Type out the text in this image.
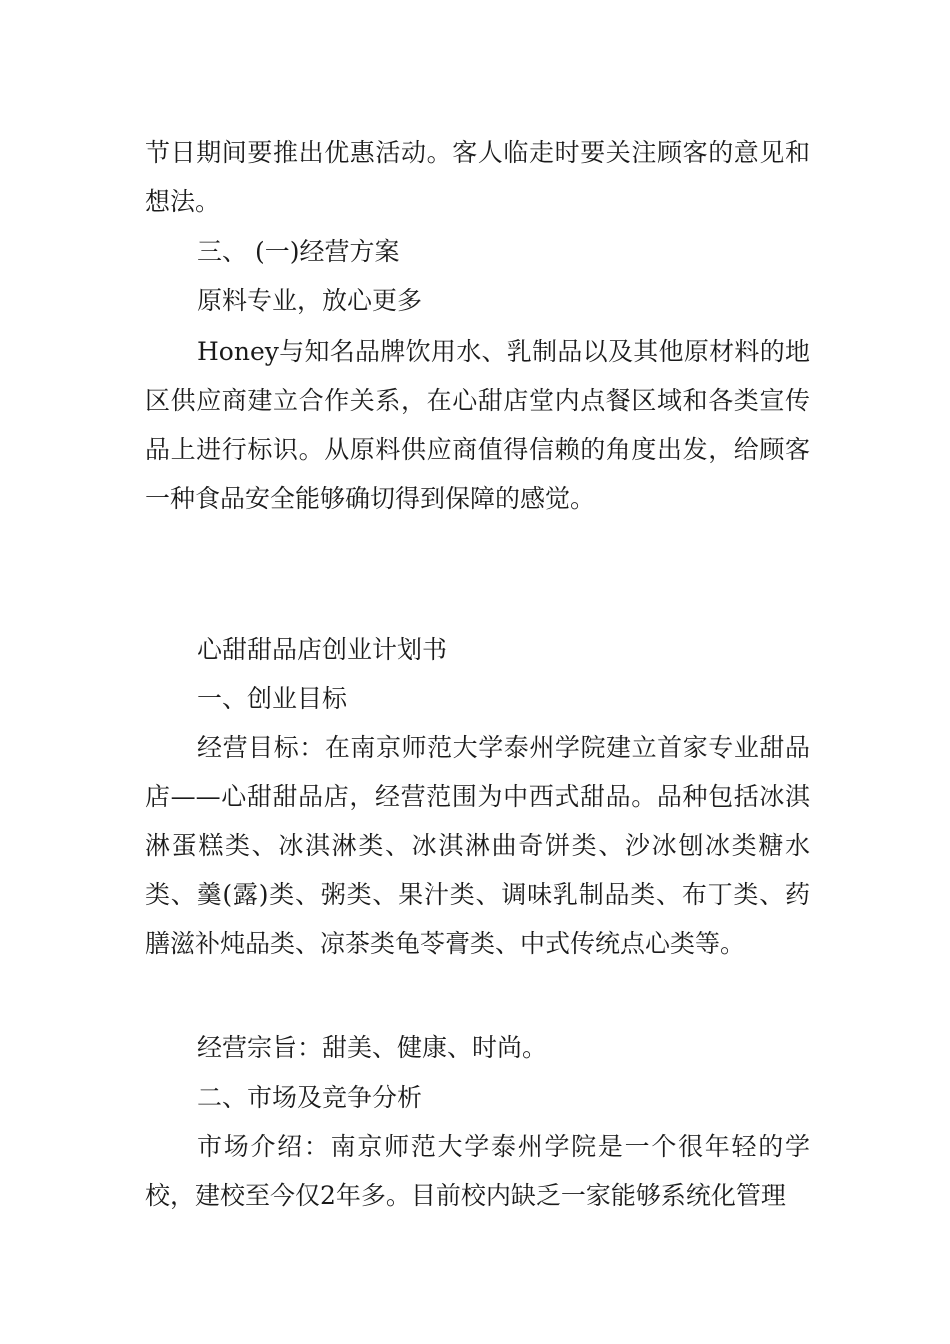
节日期间要推出优惠活动。客人临走时要关注顾客的意见和想法。

三、 (一)经营方案

原料专业，放心更多

Honey与知名品牌饮用水、乳制品以及其他原材料的地区供应商建立合作关系，在心甜店堂内点餐区域和各类宣传品上进行标识。从原料供应商值得信赖的角度出发，给顾客一种食品安全能够确切得到保障的感觉。

心甜甜品店创业计划书

一、创业目标

经营目标：在南京师范大学泰州学院建立首家专业甜品店——心甜甜品店，经营范围为中西式甜品。品种包括冰淇淋蛋糕类、冰淇淋类、冰淇淋曲奇饼类、沙冰刨冰类糖水类、羹(露)类、粥类、果汁类、调味乳制品类、布丁类、药膳滋补炖品类、凉茶类龟苓膏类、中式传统点心类等。

经营宗旨：甜美、健康、时尚。

二、市场及竞争分析

市场介绍：南京师范大学泰州学院是一个很年轻的学校，建校至今仅2年多。目前校内缺乏一家能够系统化管理
